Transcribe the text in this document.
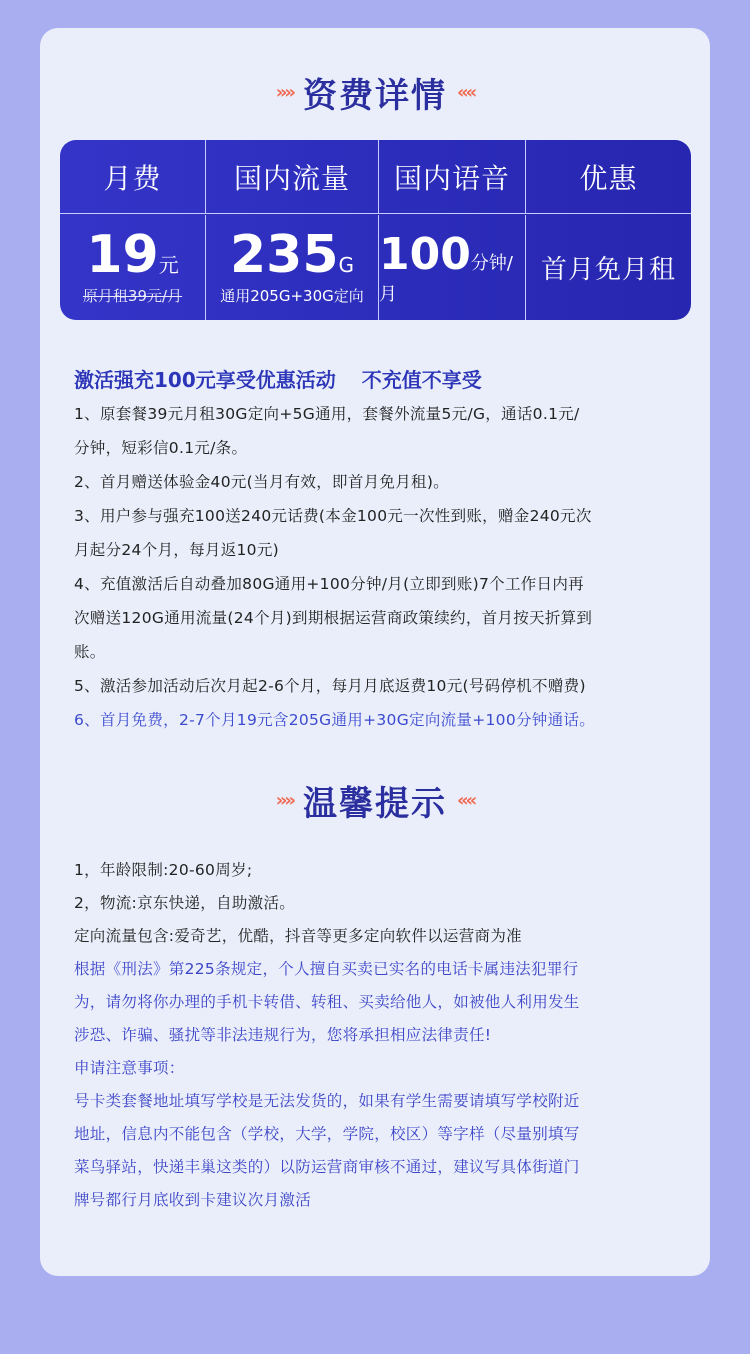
»» 资费详情 ««
月费	国内流量 国内语音 优惠
19元
原月租39元/月
235G
通用205G+30G定向
100分钟/月
首月免月租
激活强充100元享受优惠活动 不充值不享受
1、原套餐39元月租30G定向+5G通用，套餐外流量5元/G，通话0.1元/
分钟，短彩信0.1元/条。
2、首月赠送体验金40元(当月有效，即首月免月租)。
3、用户参与强充100送240元话费(本金100元一次性到账，赠金240元次
月起分24个月，每月返10元)
4、充值激活后自动叠加80G通用+100分钟/月(立即到账)7个工作日内再
次赠送120G通用流量(24个月)到期根据运营商政策续约，首月按天折算到
账。
5、激活参加活动后次月起2-6个月，每月月底返费10元(号码停机不赠费)
6、首月免费，2-7个月19元含205G通用+30G定向流量+100分钟通话。
»» 温馨提示 ««
1，年龄限制:20-60周岁;
2，物流:京东快递，自助激活。
定向流量包含:爱奇艺，优酷，抖音等更多定向软件以运营商为准
根据《刑法》第225条规定，个人擅自买卖已实名的电话卡属违法犯罪行
为，请勿将你办理的手机卡转借、转租、买卖给他人，如被他人利用发生
涉恐、诈骗、骚扰等非法违规行为，您将承担相应法律责任!
申请注意事项：
号卡类套餐地址填写学校是无法发货的，如果有学生需要请填写学校附近
地址，信息内不能包含（学校，大学，学院，校区）等字样（尽量别填写
菜鸟驿站，快递丰巢这类的）以防运营商审核不通过，建议写具体街道门
牌号都行月底收到卡建议次月激活
